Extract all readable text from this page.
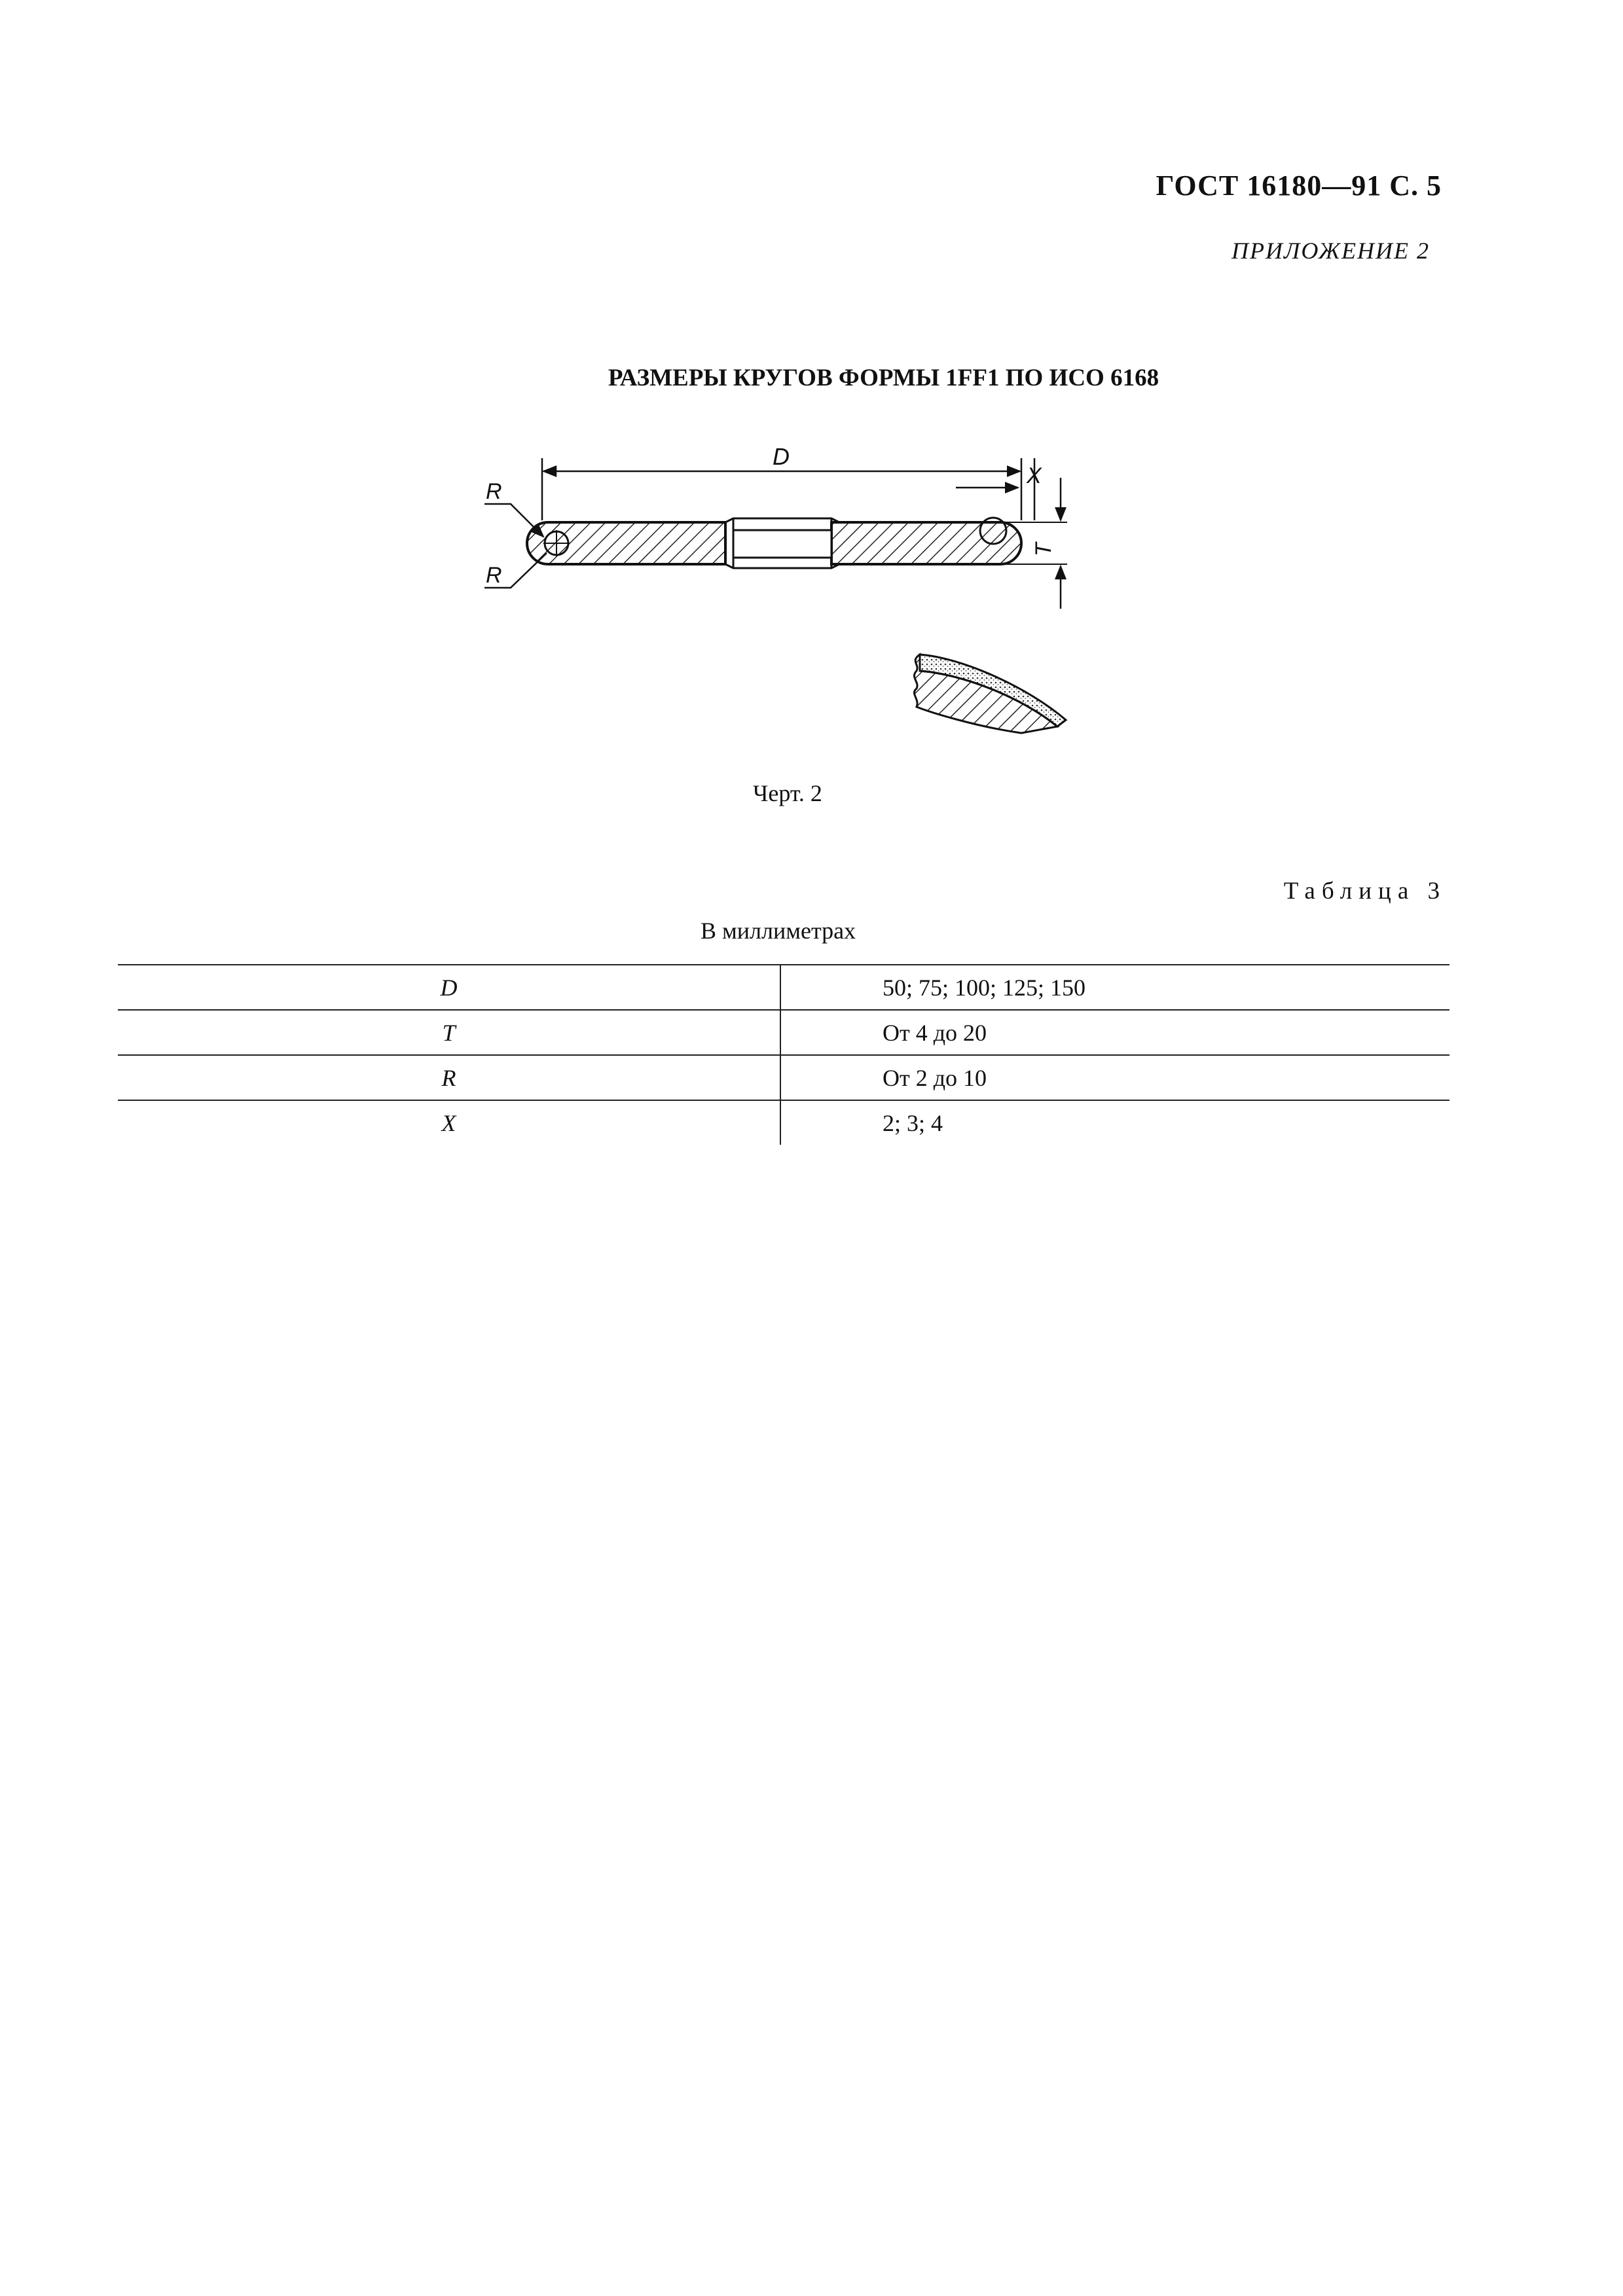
ГОСТ 16180—91 С. 5
ПРИЛОЖЕНИЕ 2
РАЗМЕРЫ КРУГОВ ФОРМЫ 1FF1 ПО ИСО 6168
D
X
T
R
R
Черт. 2
Таблица 3
В миллиметрах
D	50; 75; 100; 125; 150
T	От 4 до 20
R	От 2 до 10
X	2; 3; 4
